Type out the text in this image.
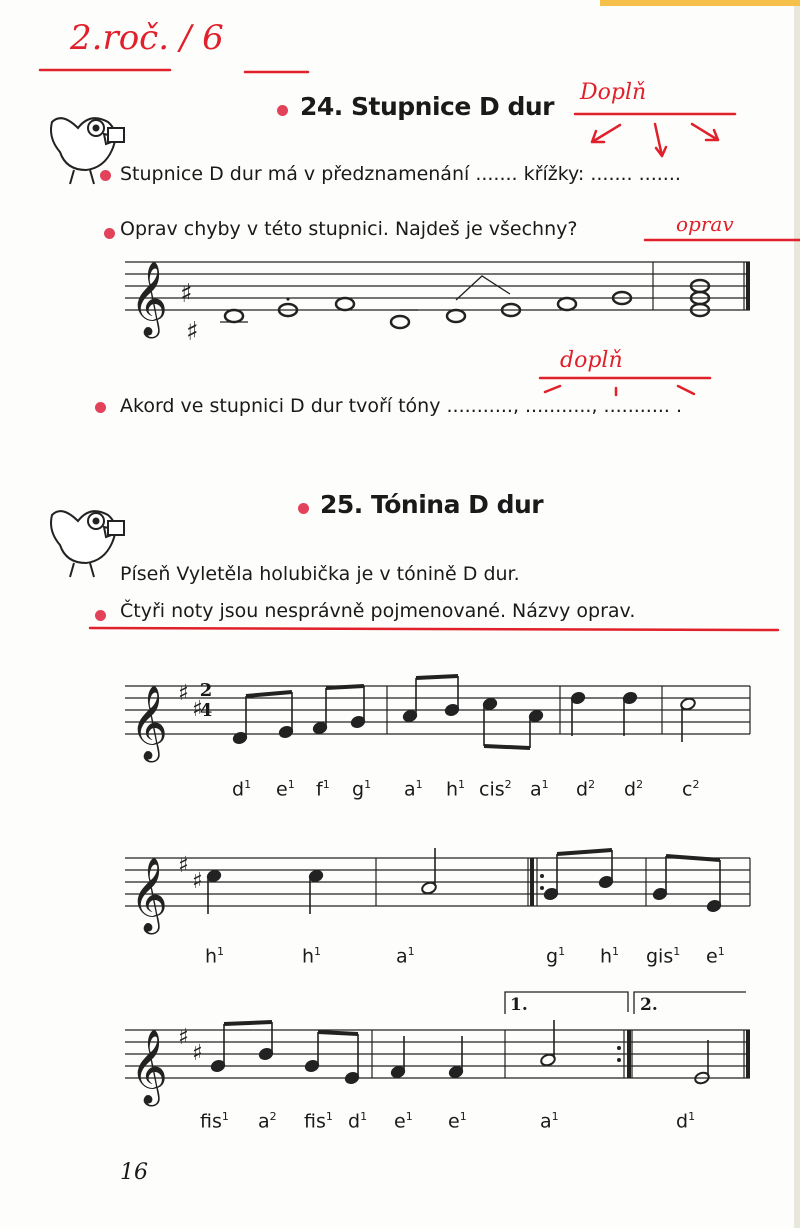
2.roč. / 6
Doplň
oprav
doplň
24. Stupnice D dur
Stupnice D dur má v předznamenání ....... křížky: ....... .......
Oprav chyby v této stupnici. Najdeš je všechny?
𝄞 ♯
♯
Akord ve stupnici D dur tvoří tóny ..........., ..........., ........... .
25. Tónina D dur
Píseň Vyletěla holubička je v tónině D dur.
Čtyři noty jsou nesprávně pojmenované. Názvy oprav.
𝄞
𝄞
𝄞
♯
♯
♯
♯
♯
♯
2
4
1.	2.
$d^1$ $e^1$ $f^1$ $g^1$ $a^1$ $h^1$ cis$^2$ $a^1$ $d^2$ $d^2$ $c^2$
$h^1$	$h^1$	$a^1$	$g^1$ $h^1$ gis$^1$ $e^1$
fis$^1$ $a^2$ fis$^1$ $d^1$ $e^1$ $e^1$	$a^1$	$d^1$
16
